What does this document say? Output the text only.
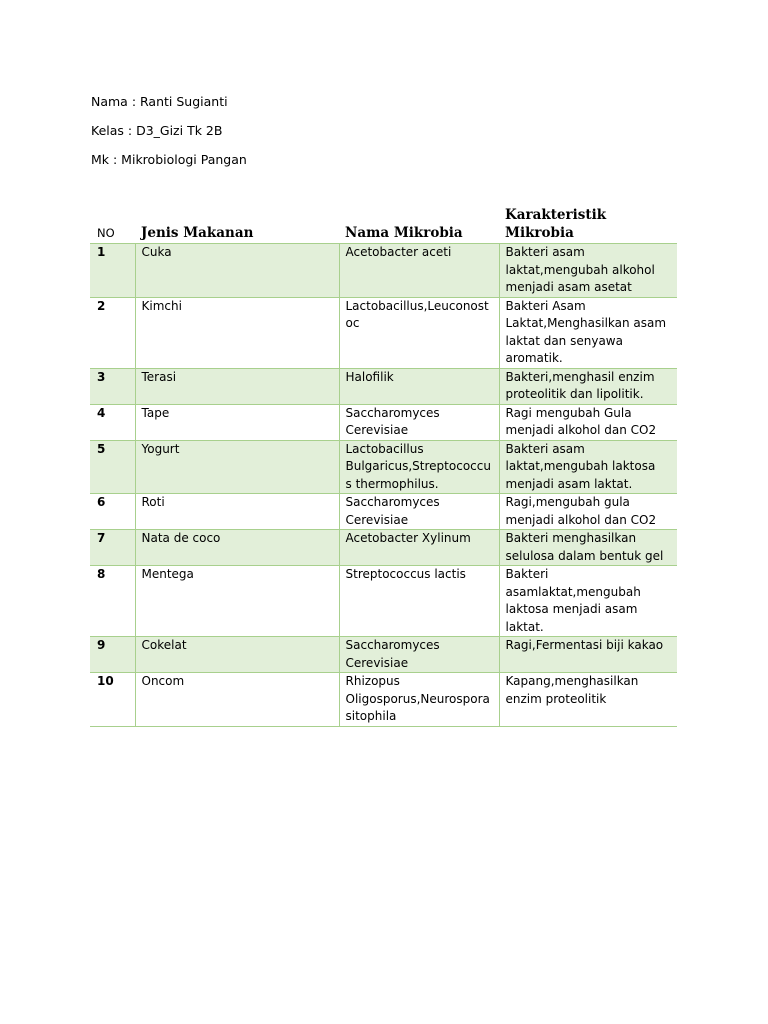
Nama : Ranti Sugianti
Kelas : D3_Gizi Tk 2B
Mk : Mikrobiologi Pangan
NO	Jenis Makanan	Nama Mikrobia	Karakteristik Mikrobia
1	Cuka	Acetobacter aceti	Bakteri asam laktat,mengubah alkohol menjadi asam asetat
2	Kimchi	Lactobacillus,Leuconostoc	Bakteri Asam Laktat,Menghasilkan asam laktat dan senyawa aromatik.
3	Terasi	Halofilik	Bakteri,menghasil enzim proteolitik dan lipolitik.
4	Tape	Saccharomyces Cerevisiae	Ragi mengubah Gula menjadi alkohol dan CO2
5	Yogurt	Lactobacillus Bulgaricus,Streptococcus thermophilus.	Bakteri asam laktat,mengubah laktosa menjadi asam laktat.
6	Roti	Saccharomyces Cerevisiae	Ragi,mengubah gula menjadi alkohol dan CO2
7	Nata de coco	Acetobacter Xylinum	Bakteri menghasilkan selulosa dalam bentuk gel
8	Mentega	Streptococcus lactis	Bakteri asamlaktat,mengubah laktosa menjadi asam laktat.
9	Cokelat	Saccharomyces Cerevisiae	Ragi,Fermentasi biji kakao
10	Oncom	Rhizopus Oligosporus,Neurospora sitophila	Kapang,menghasilkan enzim proteolitik
